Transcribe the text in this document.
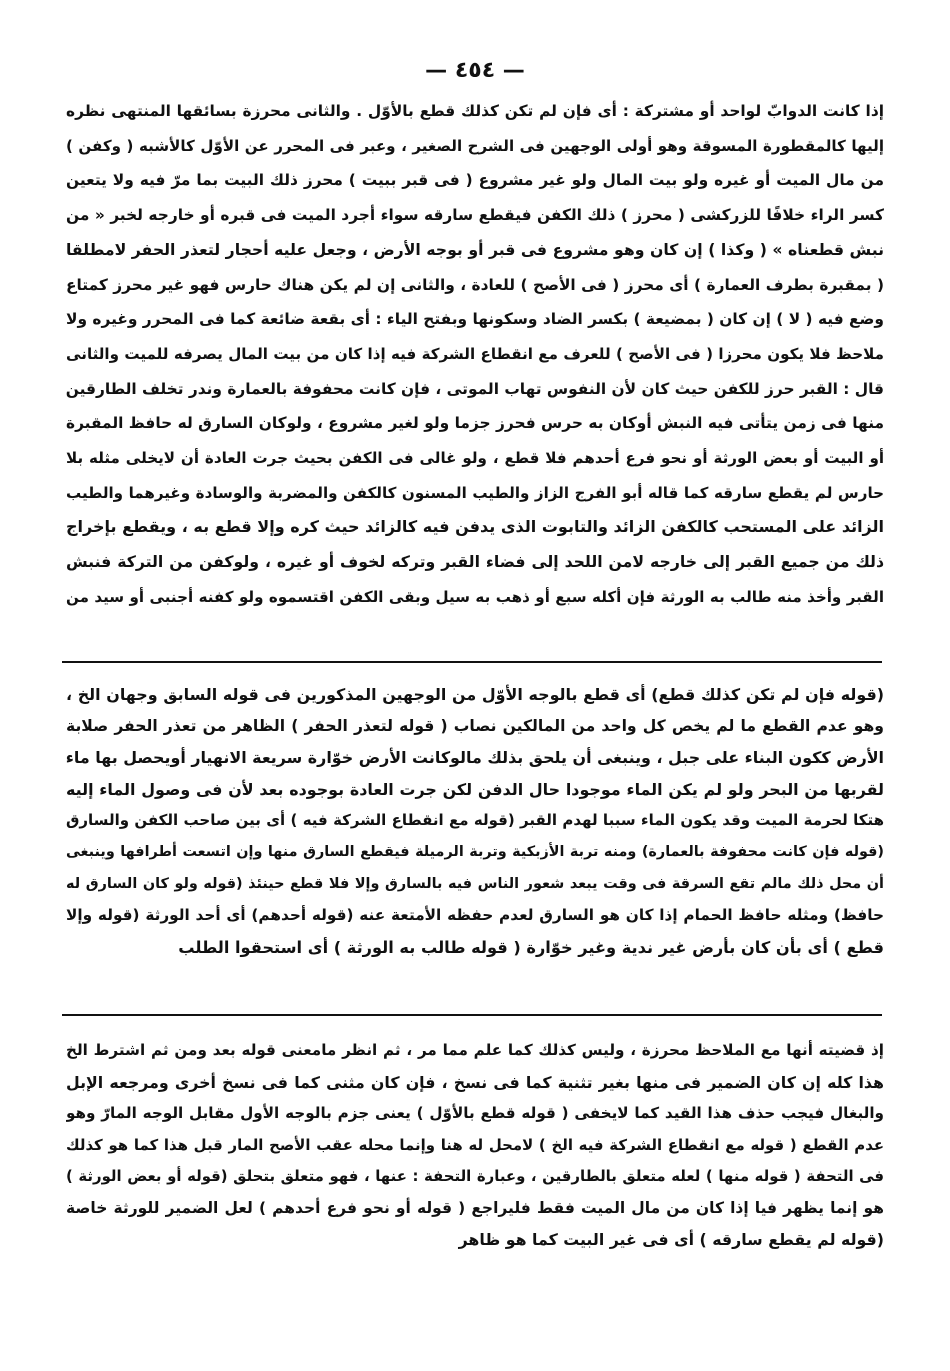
— ٤٥٤ —
إذا كانت الدوابّ لواحد أو مشتركة : أى فإن لم تكن كذلك قطع بالأوّل . والثانى محرزة بسائقها المنتهى نظره
إليها كالمقطورة المسوقة وهو أولى الوجهين فى الشرح الصغير ، وعبر فى المحرر عن الأوّل كالأشبه ( وكفن )
من مال الميت أو غيره ولو بيت المال ولو غير مشروع ( فى قبر ببيت ) محرز ذلك البيت بما مرّ فيه ولا يتعين
كسر الراء خلافًا للزركشى ( محرز ) ذلك الكفن فيقطع سارقه سواء أجرد الميت فى قبره أو خارجه لخبر « من
نبش قطعناه » ( وكذا ) إن كان وهو مشروع فى قبر أو بوجه الأرض ، وجعل عليه أحجار لتعذر الحفر لامطلقا
( بمقبرة بطرف العمارة ) أى محرز ( فى الأصح ) للعادة ، والثانى إن لم يكن هناك حارس فهو غير محرز كمتاع
وضع فيه ( لا ) إن كان ( بمضيعة ) بكسر الضاد وسكونها وبفتح الياء : أى بقعة ضائعة كما فى المحرر وغيره ولا
ملاحظ فلا يكون محرزا ( فى الأصح ) للعرف مع انقطاع الشركة فيه إذا كان من بيت المال يصرفه للميت والثانى
قال : القبر حرز للكفن حيث كان لأن النفوس تهاب الموتى ، فإن كانت محفوفة بالعمارة وندر تخلف الطارقين
منها فى زمن يتأتى فيه النبش أوكان به حرس فحرز جزما ولو لغير مشروع ، ولوكان السارق له حافظ المقبرة
أو البيت أو بعض الورثة أو نحو فرع أحدهم فلا قطع ، ولو غالى فى الكفن بحيث جرت العادة أن لايخلى مثله بلا
حارس لم يقطع سارقه كما قاله أبو الفرج الزاز والطيب المسنون كالكفن والمضربة والوسادة وغيرهما والطيب
الزائد على المستحب كالكفن الزائد والتابوت الذى يدفن فيه كالزائد حيث كره وإلا قطع به ، ويقطع بإخراج
ذلك من جميع القبر إلى خارجه لامن اللحد إلى فضاء القبر وتركه لخوف أو غيره ، ولوكفن من التركة فنبش
القبر وأخذ منه طالب به الورثة فإن أكله سبع أو ذهب به سيل وبقى الكفن اقتسموه ولو كفنه أجنبى أو سيد من
(قوله فإن لم تكن كذلك قطع) أى قطع بالوجه الأوّل من الوجهين المذكورين فى قوله السابق وجهان الخ ،
وهو عدم القطع ما لم يخص كل واحد من المالكين نصاب ( قوله لتعذر الحفر ) الظاهر من تعذر الحفر صلابة
الأرض ككون البناء على جبل ، وينبغى أن يلحق بذلك مالوكانت الأرض خوّارة سريعة الانهيار أويحصل بها ماء
لقربها من البحر ولو لم يكن الماء موجودا حال الدفن لكن جرت العادة بوجوده بعد لأن فى وصول الماء إليه
هتكا لحرمة الميت وقد يكون الماء سببا لهدم القبر (قوله مع انقطاع الشركة فيه ) أى بين صاحب الكفن والسارق
(قوله فإن كانت محفوفة بالعمارة) ومنه تربة الأزبكية وتربة الرميلة فيقطع السارق منها وإن اتسعت أطرافها وينبغى
أن محل ذلك مالم تقع السرقة فى وقت يبعد شعور الناس فيه بالسارق وإلا فلا قطع حينئذ (قوله ولو كان السارق له
حافظ) ومثله حافظ الحمام إذا كان هو السارق لعدم حفظه الأمتعة عنه (قوله أحدهم) أى أحد الورثة (قوله وإلا
قطع ) أى بأن كان بأرض غير ندية وغير خوّارة ( قوله طالب به الورثة ) أى استحقوا الطلب
إذ قضيته أنها مع الملاحظ محرزة ، وليس كذلك كما علم مما مر ، ثم انظر مامعنى قوله بعد ومن ثم اشترط الخ
هذا كله إن كان الضمير فى منها بغير تثنية كما فى نسخ ، فإن كان مثنى كما فى نسخ أخرى ومرجعه الإبل
والبغال فيجب حذف هذا القيد كما لايخفى ( قوله قطع بالأوّل ) يعنى جزم بالوجه الأول مقابل الوجه المارّ وهو
عدم القطع ( قوله مع انقطاع الشركة فيه الخ ) لامحل له هنا وإنما محله عقب الأصح المار قبل هذا كما هو كذلك
فى التحفة ( قوله منها ) لعله متعلق بالطارقين ، وعبارة التحفة : عنها ، فهو متعلق بتحلق (قوله أو بعض الورثة )
هو إنما يظهر فيا إذا كان من مال الميت فقط فليراجع ( قوله أو نحو فرع أحدهم ) لعل الضمير للورثة خاصة
(قوله لم يقطع سارقه ) أى فى غير البيت كما هو ظاهر
